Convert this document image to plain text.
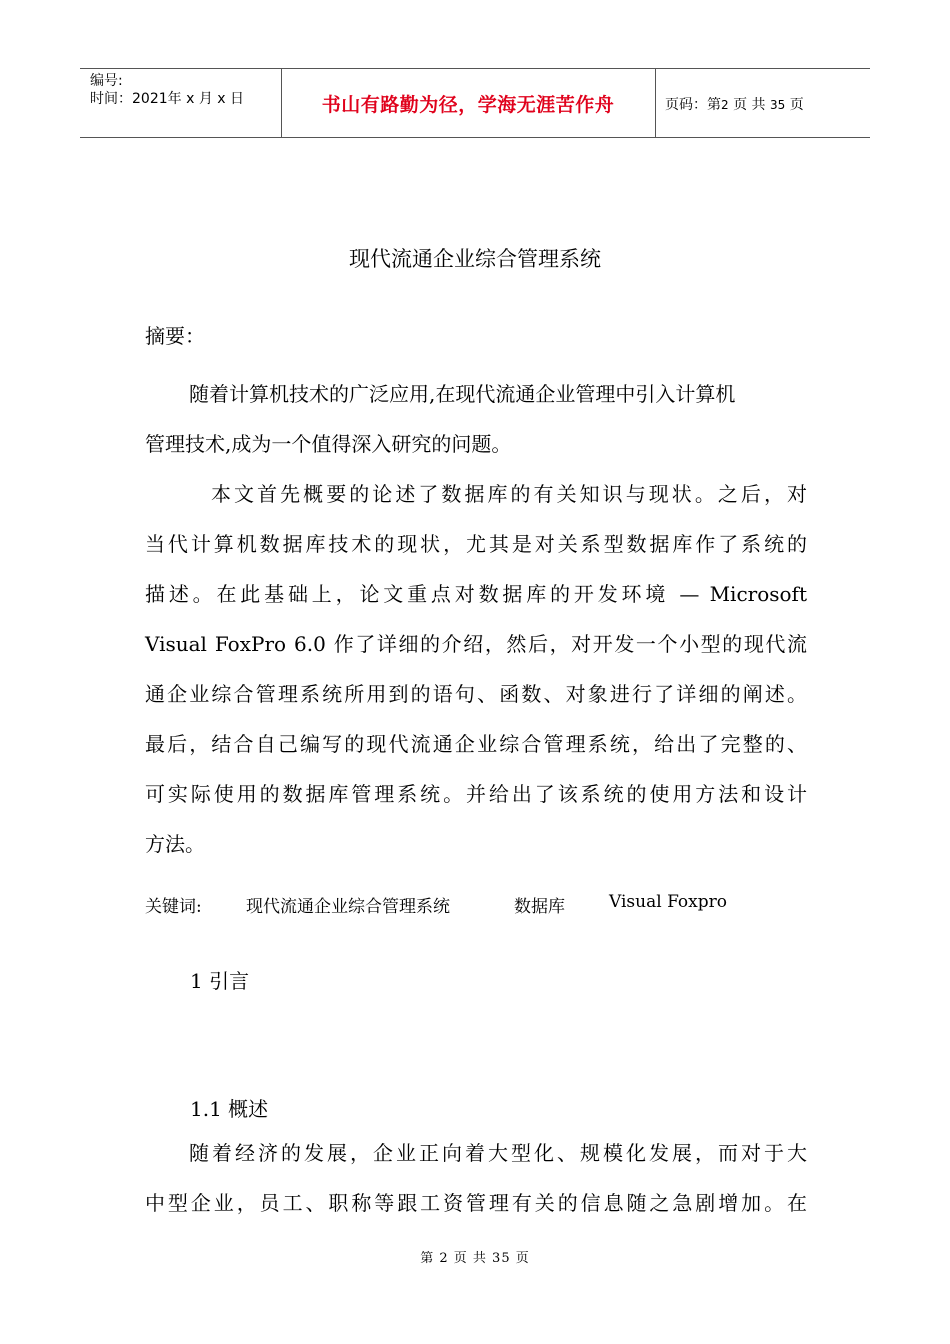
编号:
时间：2021年 x 月 x 日	书山有路勤为径，学海无涯苦作舟	页码：第2 页 共 35 页
现代流通企业综合管理系统
摘要：
随着计算机技术的广泛应用,在现代流通企业管理中引入计算机
管理技术,成为一个值得深入研究的问题。
本文首先概要的论述了数据库的有关知识与现状。之后，对
当代计算机数据库技术的现状，尤其是对关系型数据库作了系统的
描述。在此基础上，论文重点对数据库的开发环境 — Microsoft
Visual FoxPro 6.0 作了详细的介绍，然后，对开发一个小型的现代流
通企业综合管理系统所用到的语句、函数、对象进行了详细的阐述。
最后，结合自己编写的现代流通企业综合管理系统，给出了完整的、
可实际使用的数据库管理系统。并给出了该系统的使用方法和设计
方法。
关键词:	现代流通企业综合管理系统	数据库	Visual Foxpro
1 引言
1.1 概述
随着经济的发展，企业正向着大型化、规模化发展，而对于大
中型企业，员工、职称等跟工资管理有关的信息随之急剧增加。在
第 2 页 共 35 页
